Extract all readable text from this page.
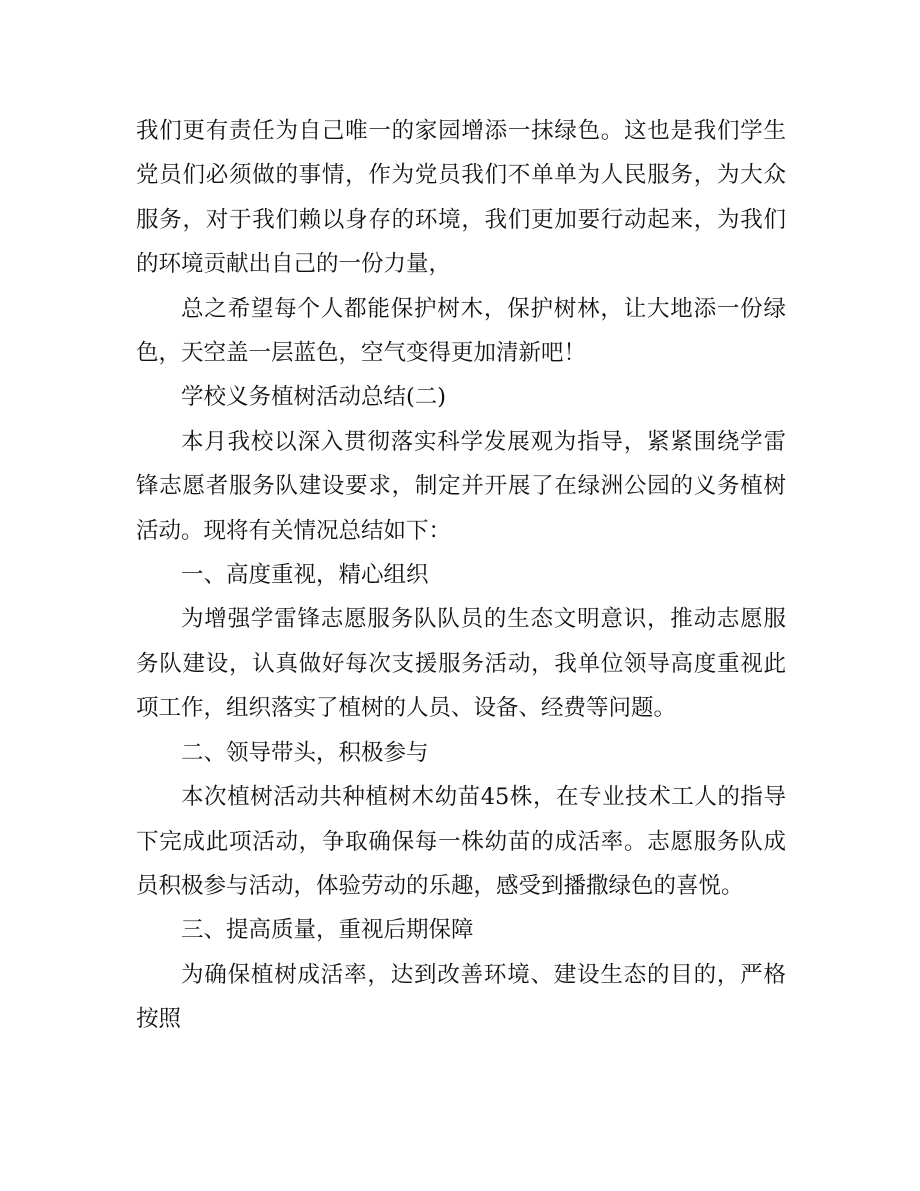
我们更有责任为自己唯一的家园增添一抹绿色。这也是我们学生党员们必须做的事情，作为党员我们不单单为人民服务，为大众服务，对于我们赖以身存的环境，我们更加要行动起来，为我们的环境贡献出自己的一份力量，

总之希望每个人都能保护树木，保护树林，让大地添一份绿色，天空盖一层蓝色，空气变得更加清新吧！

学校义务植树活动总结(二)

本月我校以深入贯彻落实科学发展观为指导，紧紧围绕学雷锋志愿者服务队建设要求，制定并开展了在绿洲公园的义务植树活动。现将有关情况总结如下：

一、高度重视，精心组织

为增强学雷锋志愿服务队队员的生态文明意识，推动志愿服务队建设，认真做好每次支援服务活动，我单位领导高度重视此项工作，组织落实了植树的人员、设备、经费等问题。

二、领导带头，积极参与

本次植树活动共种植树木幼苗45株，在专业技术工人的指导下完成此项活动，争取确保每一株幼苗的成活率。志愿服务队成员积极参与活动，体验劳动的乐趣，感受到播撒绿色的喜悦。

三、提高质量，重视后期保障

为确保植树成活率，达到改善环境、建设生态的目的，严格按照
